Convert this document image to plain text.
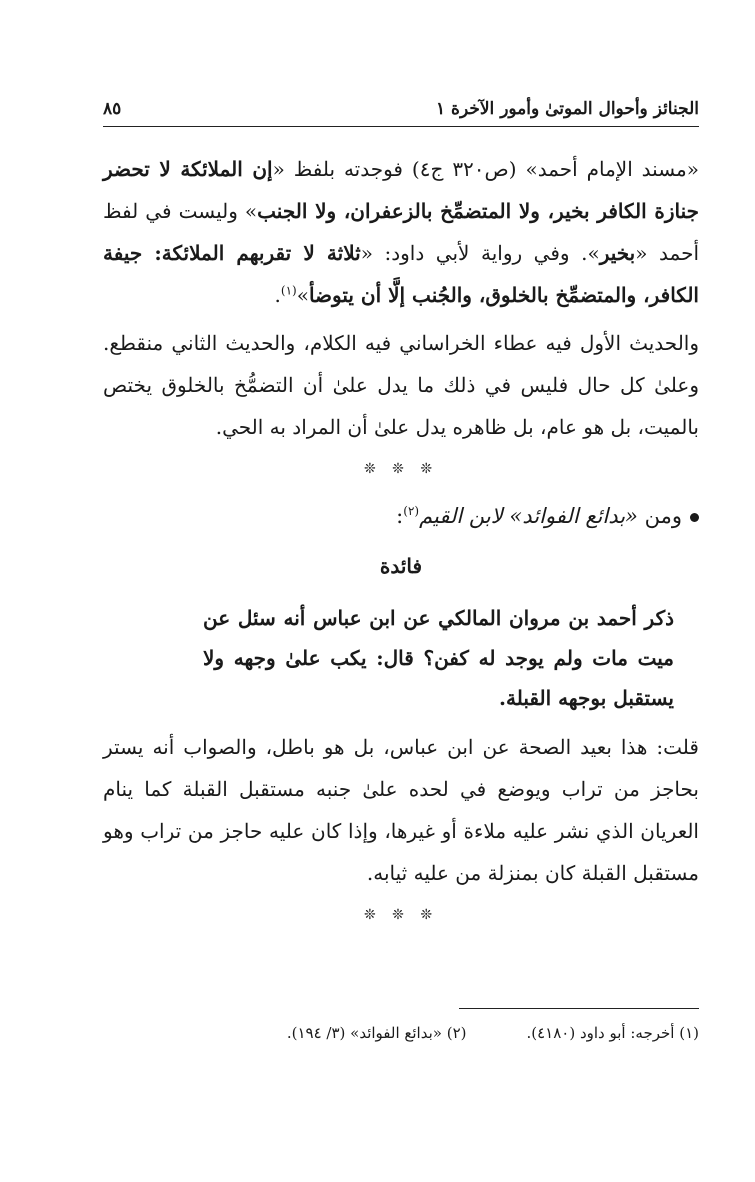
الجنائز وأحوال الموتىٰ وأمور الآخرة ١
٨٥

«مسند الإمام أحمد» (ص٣٢٠ ج٤) فوجدته بلفظ «إن الملائكة لا تحضر جنازة الكافر بخير، ولا المتضمِّخ بالزعفران، ولا الجنب» وليست في لفظ أحمد «بخير». وفي رواية لأبي داود: «ثلاثة لا تقربهم الملائكة: جيفة الكافر، والمتضمِّخ بالخلوق، والجُنب إلَّا أن يتوضأ»$^{(١)}$.

والحديث الأول فيه عطاء الخراساني فيه الكلام، والحديث الثاني منقطع. وعلىٰ كل حال فليس في ذلك ما يدل علىٰ أن التضمُّخ بالخلوق يختص بالميت، بل هو عام، بل ظاهره يدل علىٰ أن المراد به الحي.

❊ ❊ ❊
ومن «بدائع الفوائد» لابن القيم$^{(٢)}$:
فائدة

ذكر أحمد بن مروان المالكي عن ابن عباس أنه سئل عن ميت مات ولم يوجد له كفن؟ قال: يكب علىٰ وجهه ولا يستقبل بوجهه القبلة.

قلت: هذا بعيد الصحة عن ابن عباس، بل هو باطل، والصواب أنه يستر بحاجز من تراب ويوضع في لحده علىٰ جنبه مستقبل القبلة كما ينام العريان الذي نشر عليه ملاءة أو غيرها، وإذا كان عليه حاجز من تراب وهو مستقبل القبلة كان بمنزلة من عليه ثيابه.

❊ ❊ ❊
(١) أخرجه: أبو داود (٤١٨٠).
(٢) «بدائع الفوائد» (٣/ ١٩٤).
